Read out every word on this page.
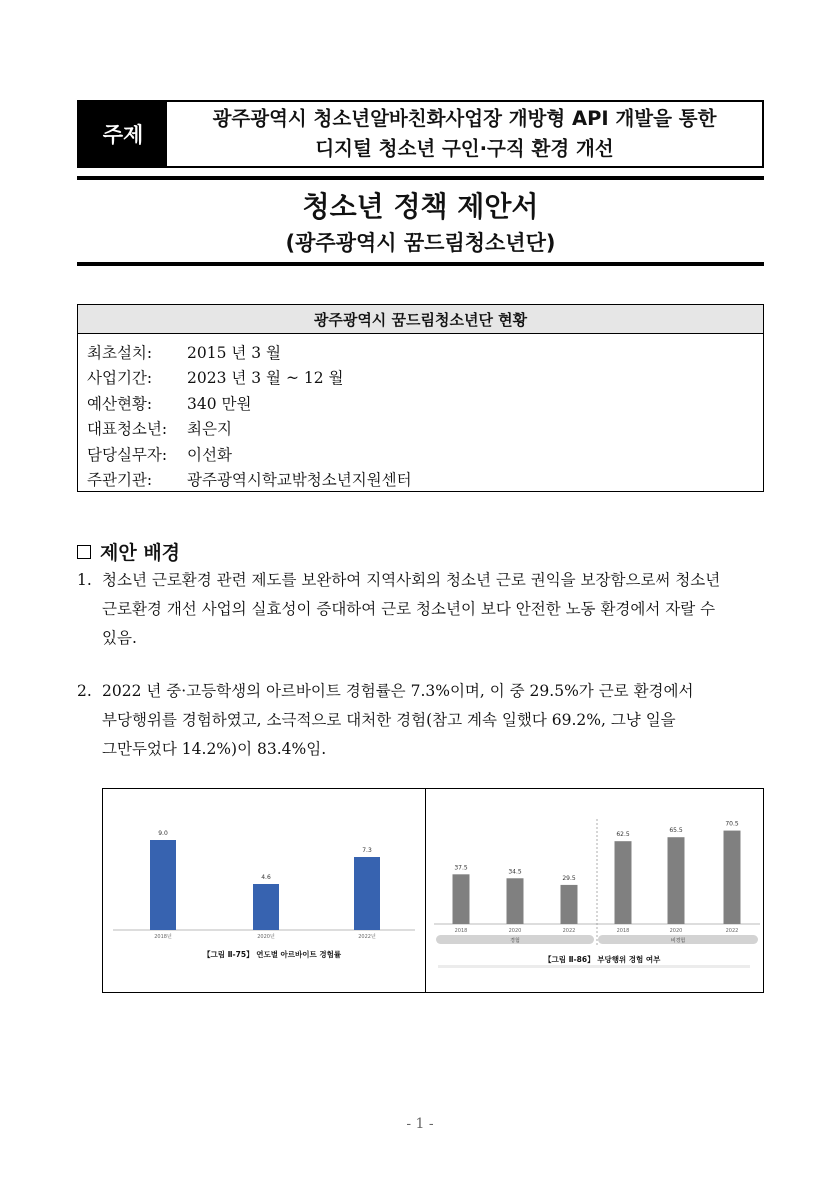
주제
광주광역시 청소년알바친화사업장 개방형 API 개발을 통한
디지털 청소년 구인·구직 환경 개선
청소년 정책 제안서
(광주광역시 꿈드림청소년단)
광주광역시 꿈드림청소년단 현황
최초설치:	2015 년 3 월
사업기간:	2023 년 3 월 ~ 12 월
예산현황:	340 만원
대표청소년:	최은지
담당실무자:	이선화
주관기관:	광주광역시학교밖청소년지원센터
제안 배경
1. 청소년 근로환경 관련 제도를 보완하여 지역사회의 청소년 근로 권익을 보장함으로써 청소년
근로환경 개선 사업의 실효성이 증대하여 근로 청소년이 보다 안전한 노동 환경에서 자랄 수
있음.
2. 2022 년 중·고등학생의 아르바이트 경험률은 7.3%이며, 이 중 29.5%가 근로 환경에서
부당행위를 경험하였고, 소극적으로 대처한 경험(참고 계속 일했다 69.2%, 그냥 일을
그만두었다 14.2%)이 83.4%임.
9.0
2018년
4.6
2020년
7.3
2022년
【그림 Ⅱ-75】 연도별 아르바이트 경험률
37.5
2018
34.5
2020
29.5
2022
경험
62.5
2018
65.5
2020
70.5
2022
비경험
【그림 Ⅱ-86】 부당행위 경험 여부
- 1 -
